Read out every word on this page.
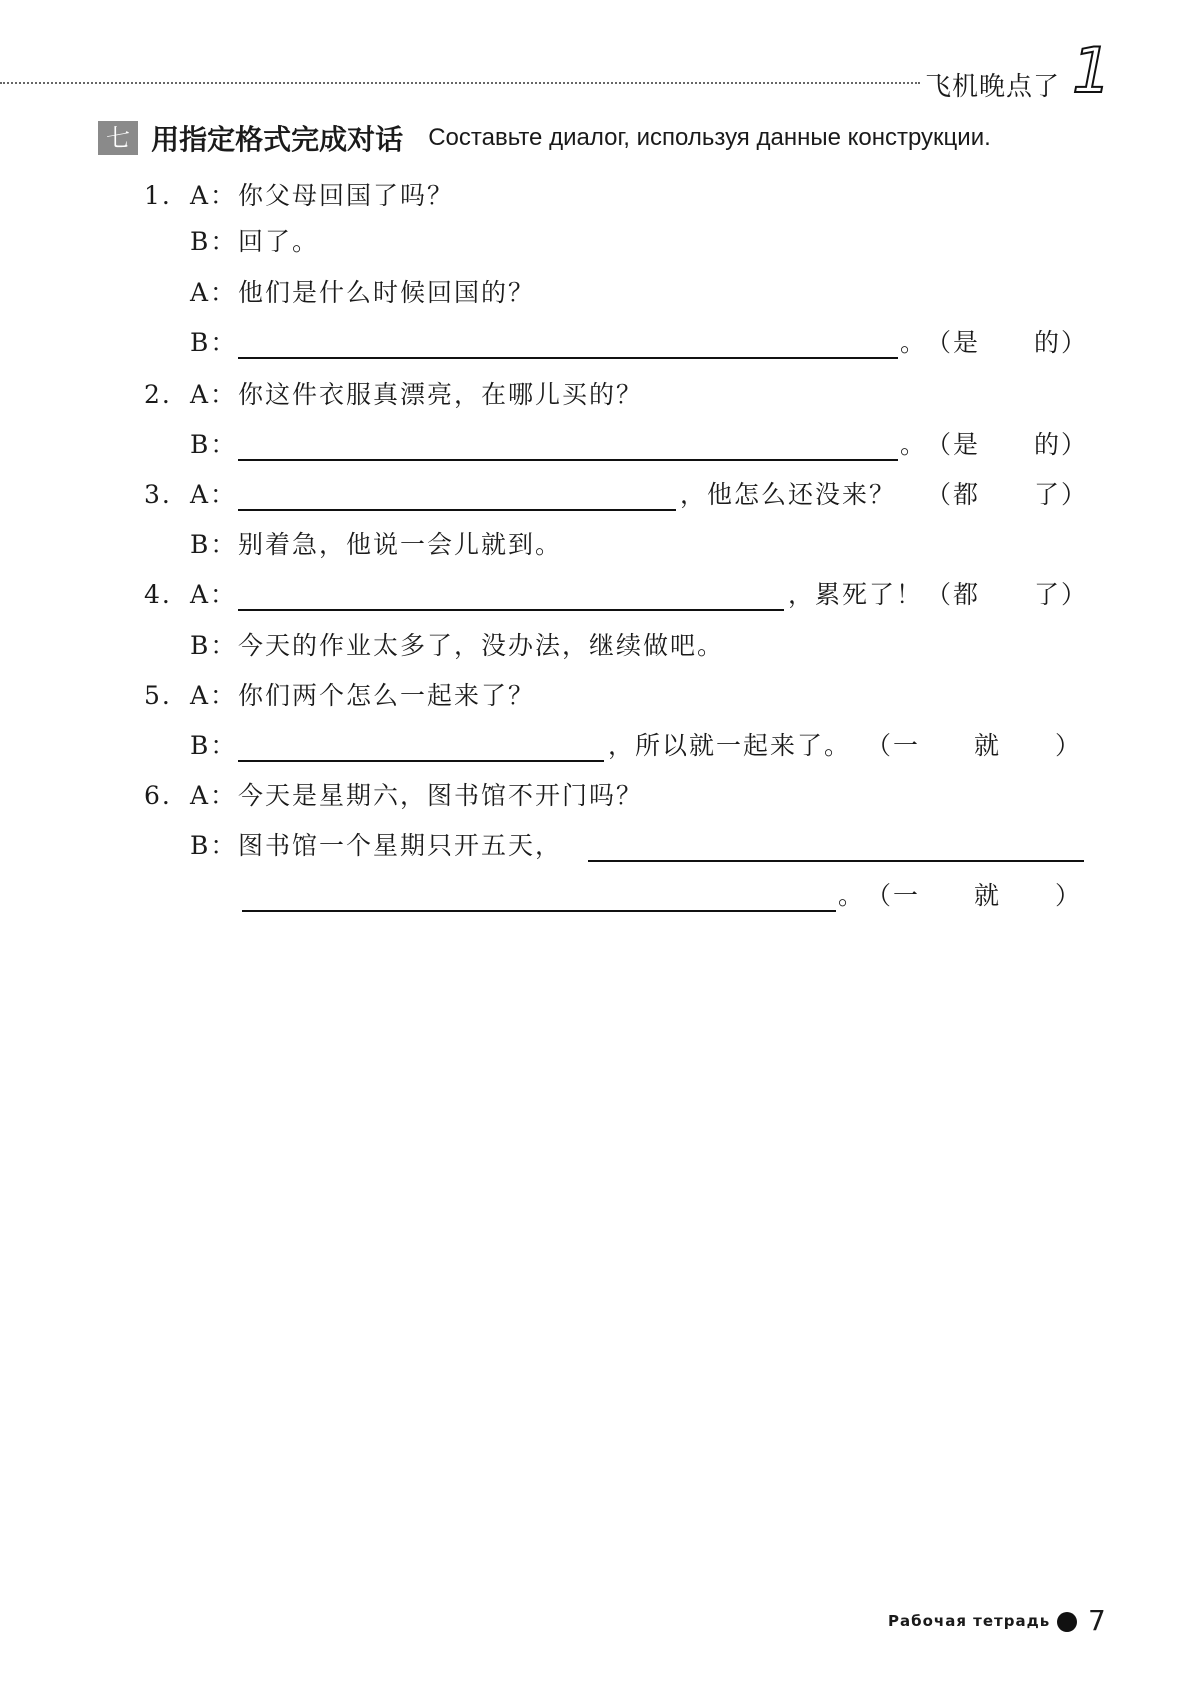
飞机晚点了 1
七 用指定格式完成对话 Составьте диалог, используя данные конструкции.
1. A： 你父母回国了吗？
B： 回了。
A： 他们是什么时候回国的？
B：	。
（是　　的）
2. A： 你这件衣服真漂亮，在哪儿买的？
B：	。
（是　　的）
3. A：	，他怎么还没来？ （都　　了）
B： 别着急，他说一会儿就到。
4. A：	，累死了！ （都　　了）
B： 今天的作业太多了，没办法，继续做吧。
5. A： 你们两个怎么一起来了？
B：	，所以就一起来了。 （一　　就　　）
6. A： 今天是星期六，图书馆不开门吗？
B： 图书馆一个星期只开五天，
。 （一　　就　　）
Рабочая тетрадь 7
